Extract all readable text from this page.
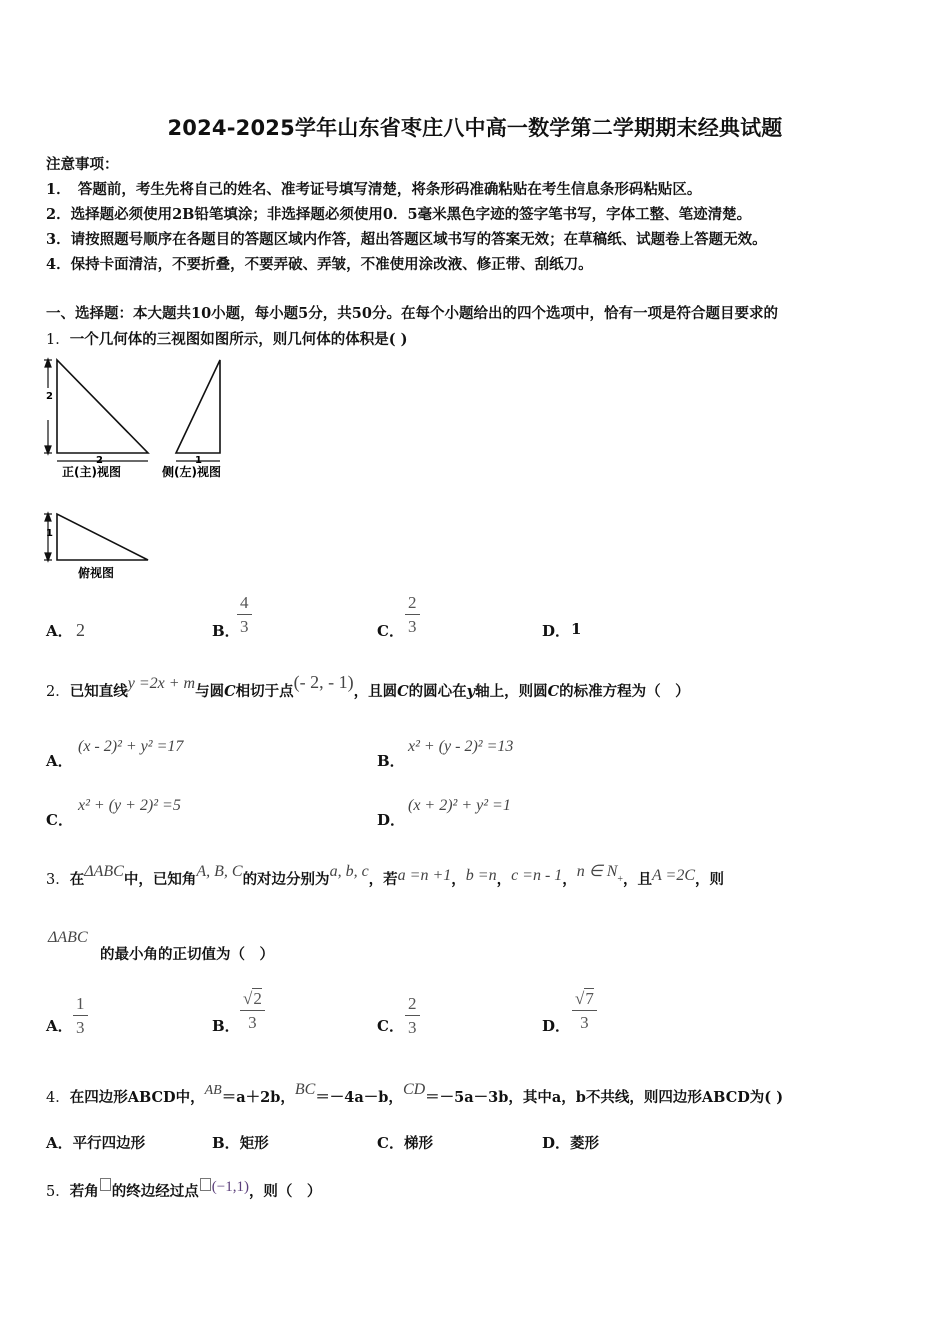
2024-2025学年山东省枣庄八中高一数学第二学期期末经典试题
注意事项：
1．　答题前，考生先将自己的姓名、准考证号填写清楚，将条形码准确粘贴在考生信息条形码粘贴区。
2．选择题必须使用2B铅笔填涂；非选择题必须使用0．5毫米黑色字迹的签字笔书写，字体工整、笔迹清楚。
3．请按照题号顺序在各题目的答题区域内作答，超出答题区域书写的答案无效；在草稿纸、试题卷上答题无效。
4．保持卡面清洁，不要折叠，不要弄破、弄皱，不准使用涂改液、修正带、刮纸刀。
一、选择题：本大题共10小题，每小题5分，共50分。在每个小题给出的四个选项中，恰有一项是符合题目要求的
1．一个几何体的三视图如图所示，则几何体的体积是( )
2
2
正(主)视图
1
侧(左)视图
1
俯视图
A． 2	B．
$\frac{4}{3}$	C． $\frac{2}{3}$	D． 1
2．已知直线y =2x + m与圆C相切于点(- 2, - 1)，且圆C的圆心在y轴上，则圆C的标准方程为（　）
A．
(x - 2)² + y² =17
B．
x² + (y - 2)² =13
C．
x² + (y + 2)² =5
D．
(x + 2)² + y² =1
3．在ΔABC中，已知角A, B, C的对边分别为a, b, c，若a =n +1，b =n，c =n - 1，n ∈ N+，且A =2C，则
ΔABC
的最小角的正切值为（　）
A． $\frac{1}{3}$	B． $\frac{√2}{3}$	C． $\frac{2}{3}$	D． $\frac{√7}{3}$
4．在四边形ABCD中，AB＝a＋2b，BC＝－4a－b，CD＝－5a－3b，其中a，b不共线，则四边形ABCD为( )
A．平行四边形	B．矩形	C．梯形	D．菱形
5．若角 的终边经过点 (−1,1)，则（　）
